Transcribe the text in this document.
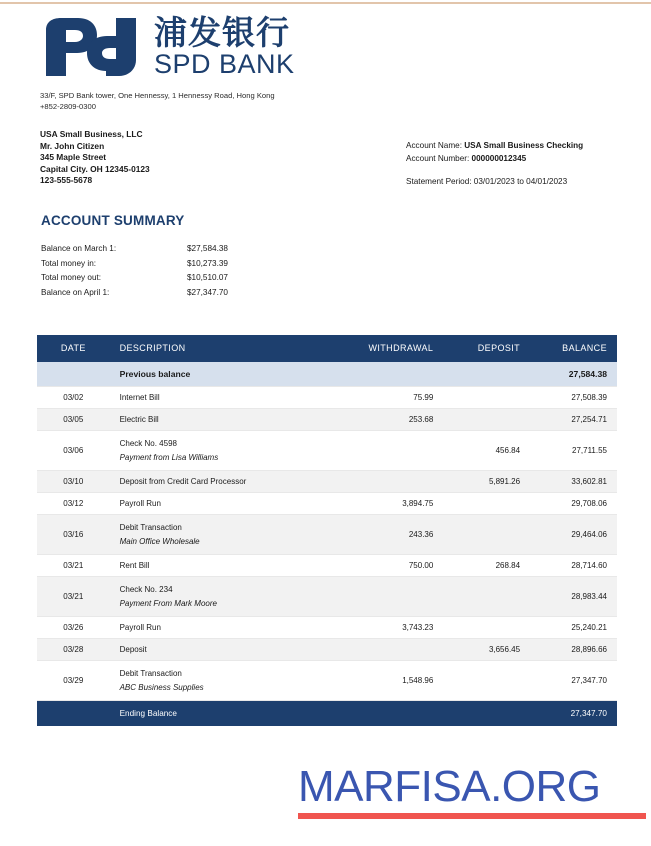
浦发银行
SPD BANK
33/F, SPD Bank tower, One Hennessy, 1 Hennessy Road, Hong Kong
+852-2809-0300
USA Small Business, LLC
Mr. John Citizen
345 Maple Street
Capital City. OH 12345-0123
123-555-5678
Account Name: USA Small Business Checking
Account Number: 000000012345
Statement Period: 03/01/2023 to 04/01/2023
ACCOUNT SUMMARY
Balance on March 1:	$27,584.38
Total money in:	$10,273.39
Total money out:	$10,510.07
Balance on April 1:	$27,347.70
DATE	DESCRIPTION	WITHDRAWAL	DEPOSIT	BALANCE
	Previous balance			27,584.38
03/02	Internet Bill	75.99		27,508.39
03/05	Electric Bill	253.68		27,254.71
03/06	Check No. 4598
Payment from Lisa Williams		456.84	27,711.55
03/10	Deposit from Credit Card Processor		5,891.26	33,602.81
03/12	Payroll Run	3,894.75		29,708.06
03/16	Debit Transaction
Main Office Wholesale	243.36		29,464.06
03/21	Rent Bill	750.00	268.84	28,714.60
03/21	Check No. 234
Payment From Mark Moore			28,983.44
03/26	Payroll Run	3,743.23		25,240.21
03/28	Deposit		3,656.45	28,896.66
03/29	Debit Transaction
ABC Business Supplies	1,548.96		27,347.70
	Ending Balance			27,347.70
MARFISA.ORG
